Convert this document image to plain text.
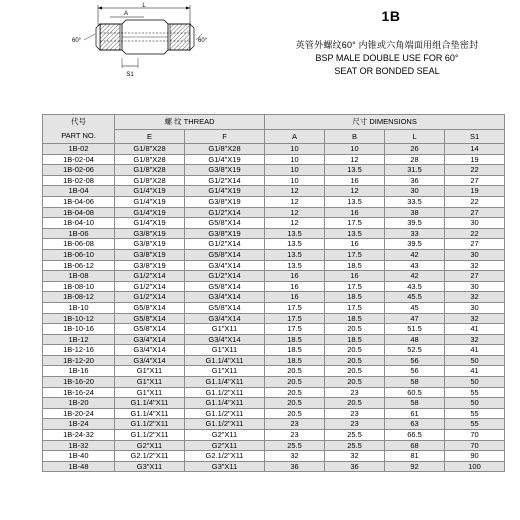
L
A
60°	60°
S1
1B
英管外螺纹60° 内锥或六角端面用组合垫密封
BSP MALE DOUBLE USE FOR 60°
SEAT OR BONDED SEAL
代号
PART NO.	螺 纹 THREAD		尺寸 DIMENSIONS			
	E	F	A	B	L	S1
1B-02	G1/8"X28	G1/8"X28	10	10	26	14
1B-02-04	G1/8"X28	G1/4"X19	10	12	28	19
1B-02-06	G1/8"X28	G3/8"X19	10	13.5	31.5	22
1B-02-08	G1/8"X28	G1/2"X14	10	16	36	27
1B-04	G1/4"X19	G1/4"X19	12	12	30	19
1B-04-06	G1/4"X19	G3/8"X19	12	13.5	33.5	22
1B-04-08	G1/4"X19	G1/2"X14	12	16	38	27
1B-04-10	G1/4"X19	G5/8"X14	12	17.5	39.5	30
1B-06	G3/8"X19	G3/8"X19	13.5	13.5	33	22
1B-06-08	G3/8"X19	G1/2"X14	13.5	16	39.5	27
1B-06-10	G3/8"X19	G5/8"X14	13.5	17.5	42	30
1B-06-12	G3/8"X19	G3/4"X14	13.5	18.5	43	32
1B-08	G1/2"X14	G1/2"X14	16	16	42	27
1B-08-10	G1/2"X14	G5/8"X14	16	17.5	43.5	30
1B-08-12	G1/2"X14	G3/4"X14	16	18.5	45.5	32
1B-10	G5/8"X14	G5/8"X14	17.5	17.5	45	30
1B-10-12	G5/8"X14	G3/4"X14	17.5	18.5	47	32
1B-10-16	G5/8"X14	G1"X11	17.5	20.5	51.5	41
1B-12	G3/4"X14	G3/4"X14	18.5	18.5	48	32
1B-12-16	G3/4"X14	G1"X11	18.5	20.5	52.5	41
1B-12-20	G3/4"X14	G1.1/4"X11	18.5	20.5	56	50
1B-16	G1"X11	G1"X11	20.5	20.5	56	41
1B-16-20	G1"X11	G1.1/4"X11	20.5	20.5	58	50
1B-16-24	G1"X11	G1.1/2"X11	20.5	23	60.5	55
1B-20	G1.1/4"X11	G1.1/4"X11	20.5	20.5	58	50
1B-20-24	G1.1/4"X11	G1.1/2"X11	20.5	23	61	55
1B-24	G1.1/2"X11	G1.1/2"X11	23	23	63	55
1B-24-32	G1.1/2"X11	G2"X11	23	25.5	66.5	70
1B-32	G2"X11	G2"X11	25.5	25.5	68	70
1B-40	G2.1/2"X11	G2.1/2"X11	32	32	81	90
1B-48	G3"X11	G3"X11	36	36	92	100
